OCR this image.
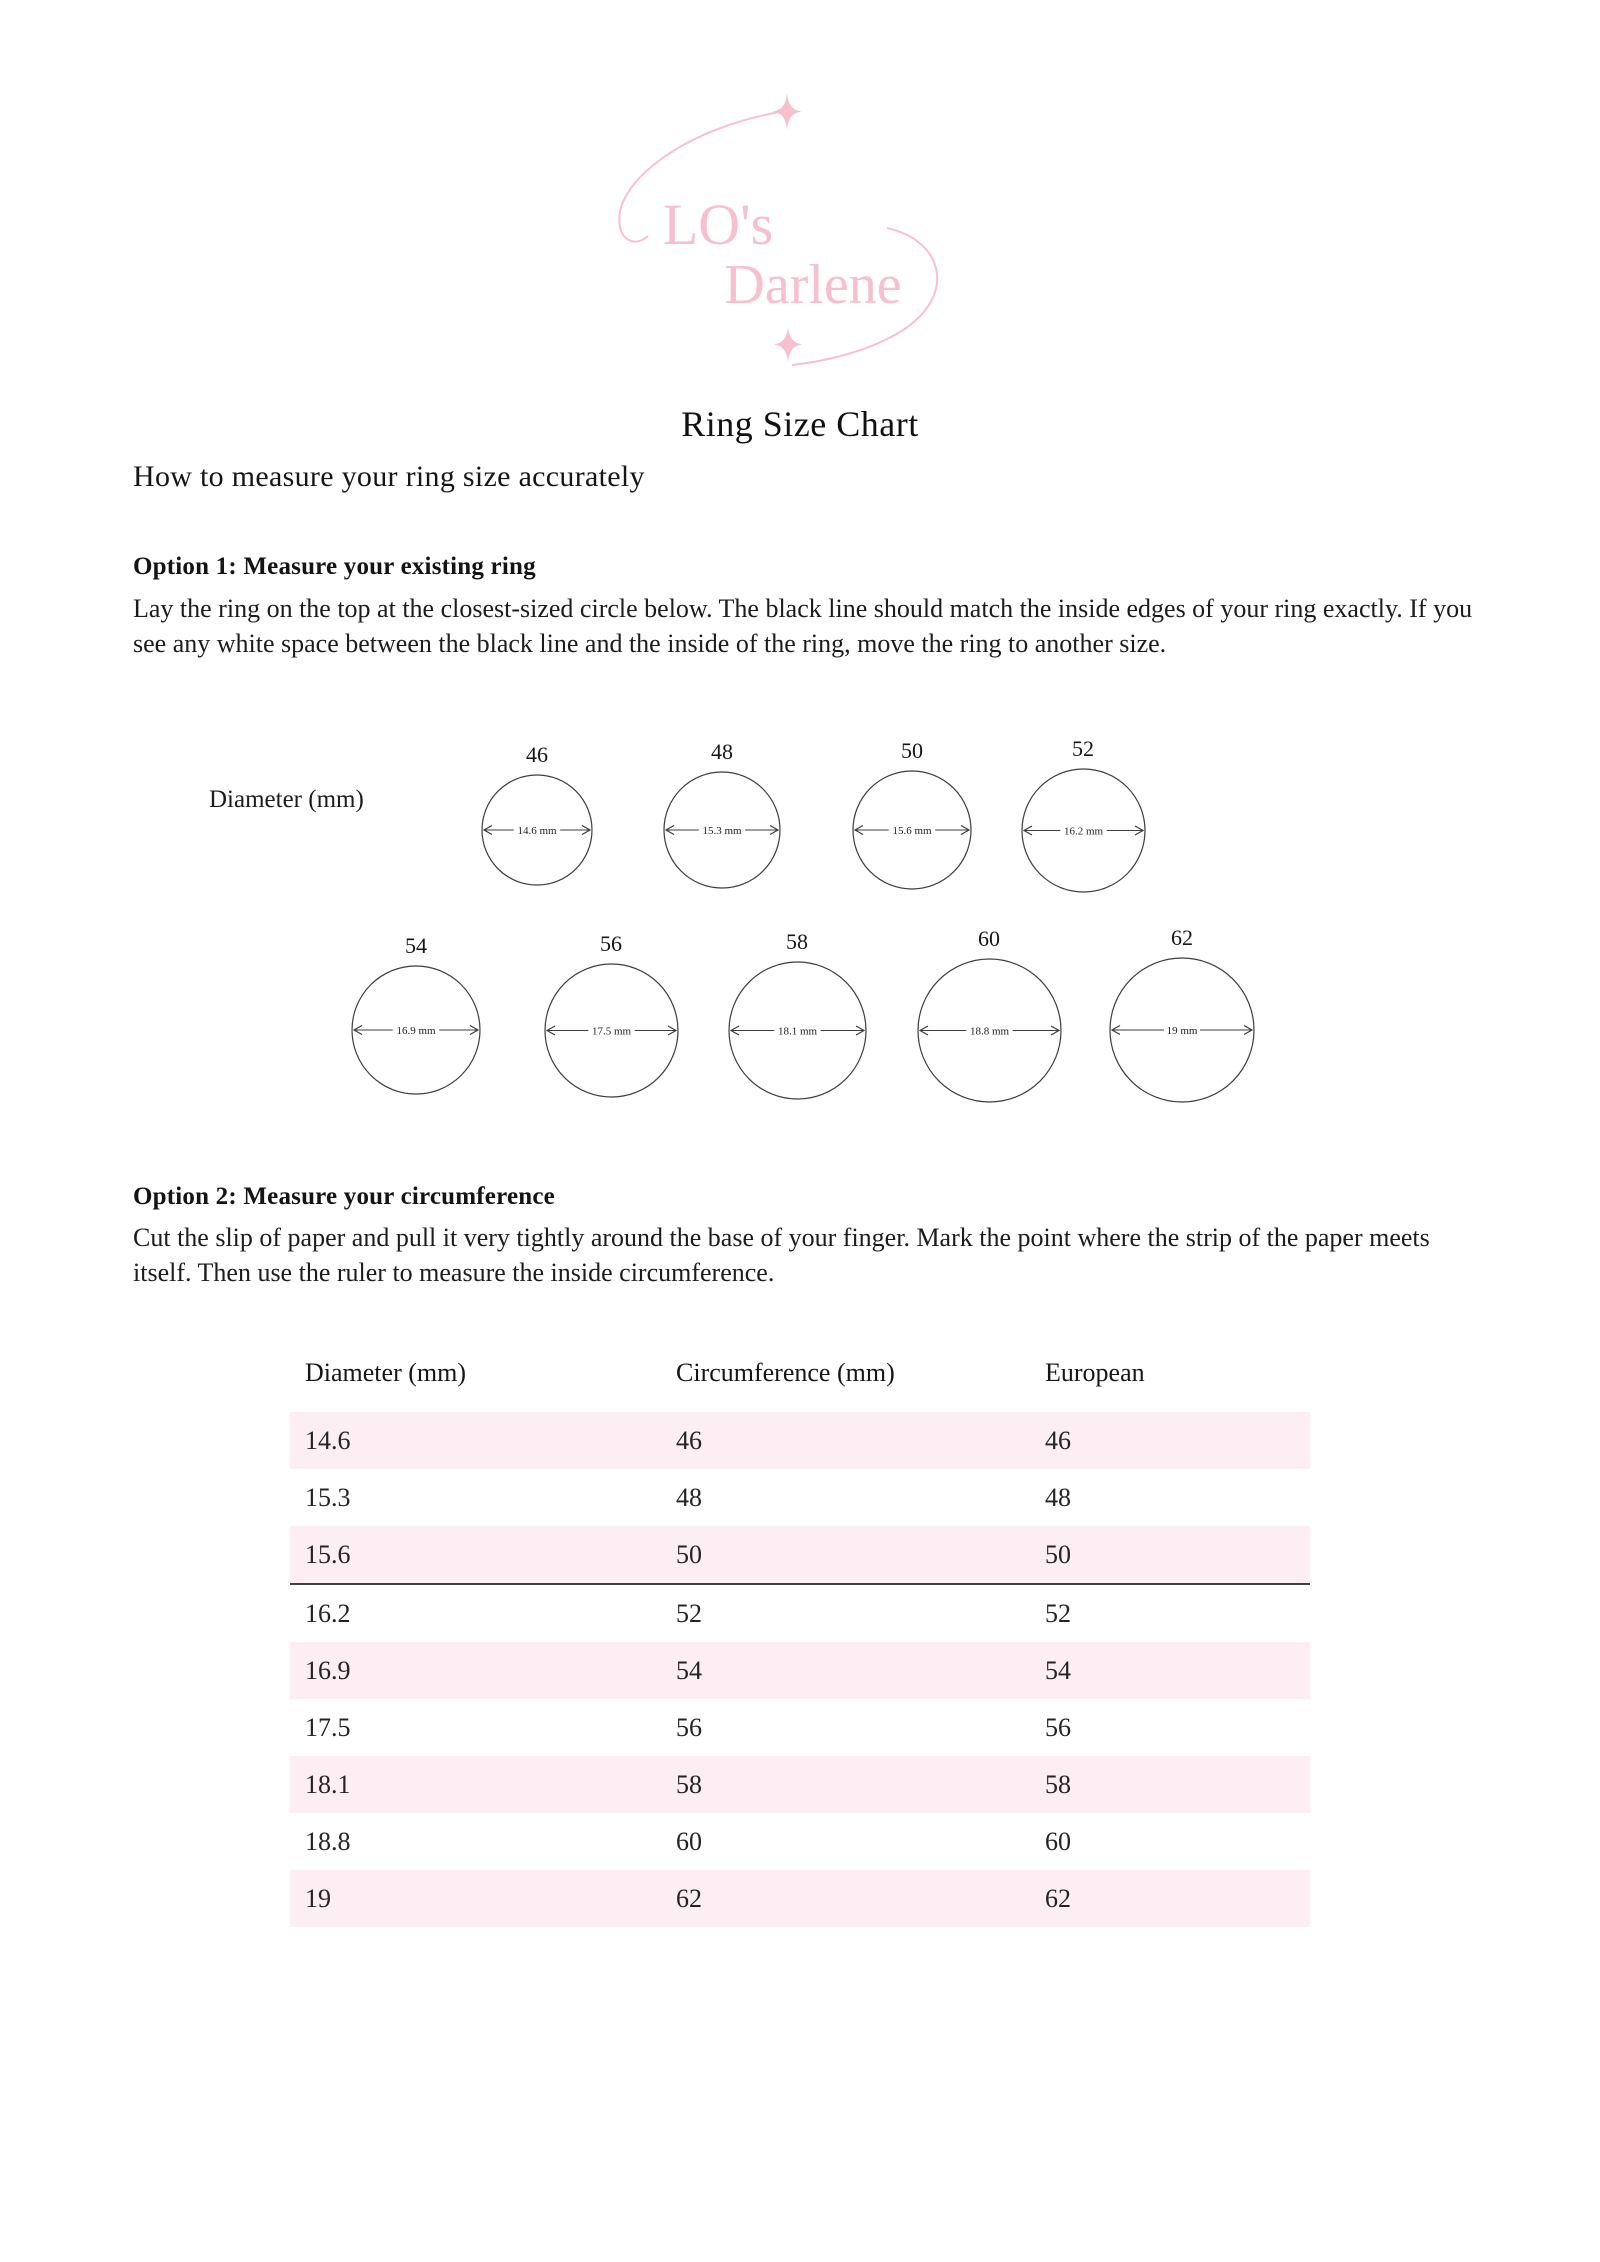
LO's
Darlene
Ring Size Chart
How to measure your ring size accurately
Option 1: Measure your existing ring
Lay the ring on the top at the closest-sized circle below. The black line should match the inside edges of your ring exactly. If you see any white space between the black line and the inside of the ring, move the ring to another size.
Diameter (mm)
46
14.6 mm
48
15.3 mm
50
15.6 mm
52
16.2 mm
54
16.9 mm
56
17.5 mm
58
18.1 mm
60
18.8 mm
62
19 mm
Option 2: Measure your circumference
Cut the slip of paper and pull it very tightly around the base of your finger. Mark the point where the strip of the paper meets itself. Then use the ruler to measure the inside circumference.
Diameter (mm)	Circumference (mm)	European
14.6	46	46
15.3	48	48
15.6	50	50
16.2	52	52
16.9	54	54
17.5	56	56
18.1	58	58
18.8	60	60
19	62	62
